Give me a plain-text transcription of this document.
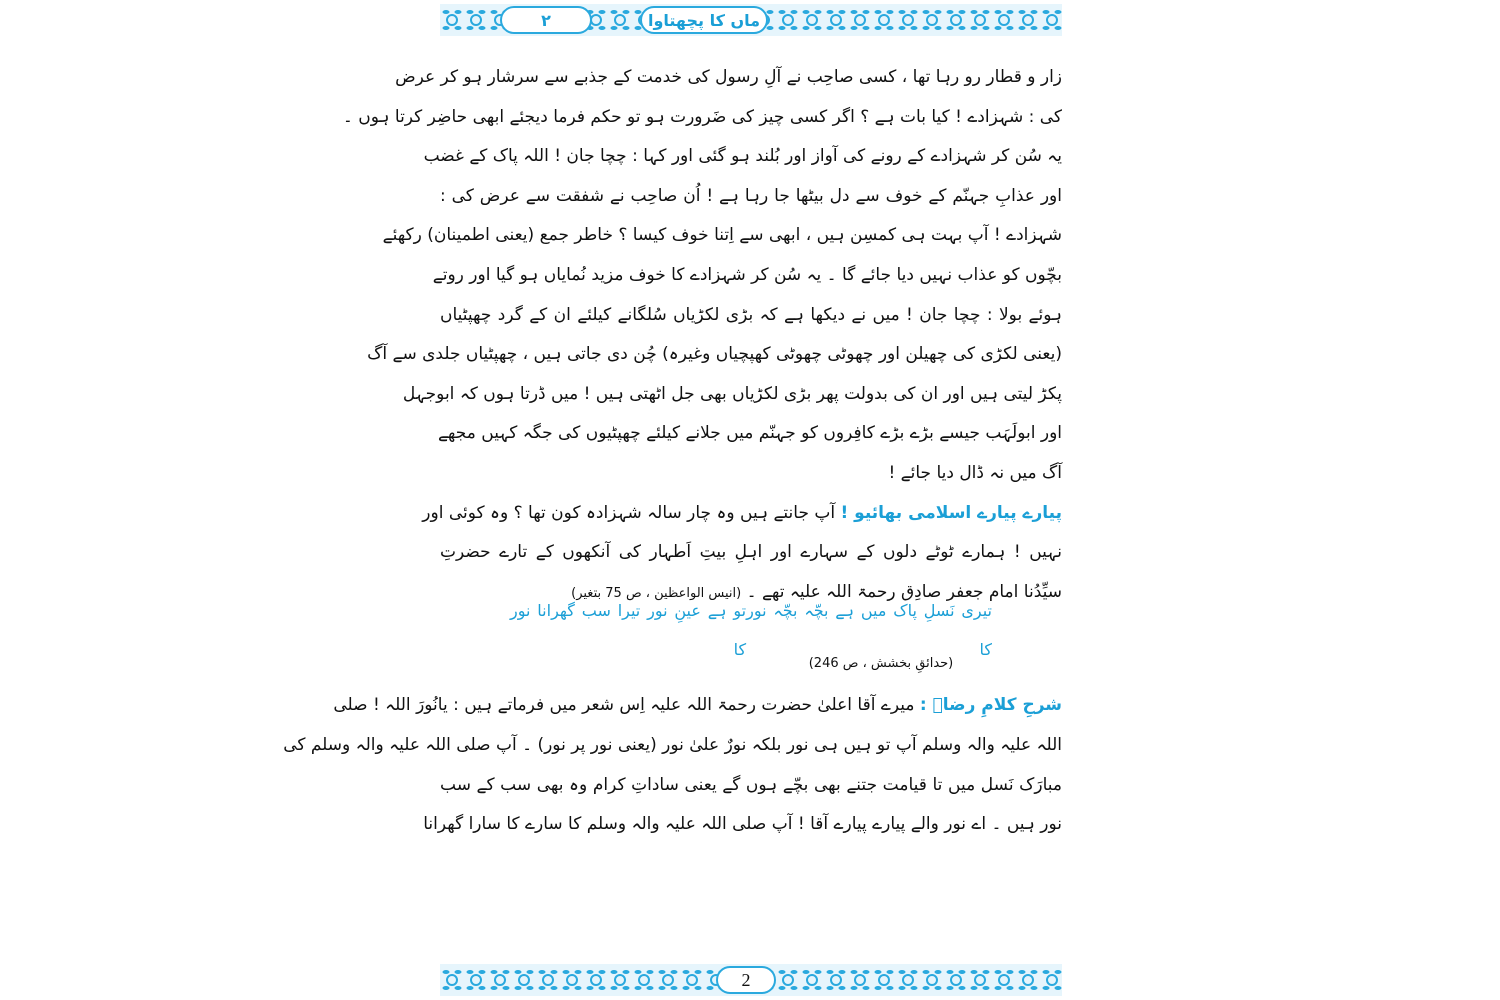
۲	ماں کا پچھتاوا
زار و قطار رو رہا تھا ، کسی صاحِب نے آلِ رسول کی خدمت کے جذبے سے سرشار ہو کر عرض
کی : شہزادے ! کیا بات ہے ؟ اگر کسی چیز کی ضَرورت ہو تو حکم فرما دیجئے ابھی حاضِر کرتا ہوں ۔
یہ سُن کر شہزادے کے رونے کی آواز اور بُلند ہو گئی اور کہا : چچا جان ! اللہ پاک کے غضب
اور عذابِ جہنّم کے خوف سے دل بیٹھا جا رہا ہے ! اُن صاحِب نے شفقت سے عرض کی :
شہزادے ! آپ بہت ہی کمسِن ہیں ، ابھی سے اِتنا خوف کیسا ؟ خاطر جمع (یعنی اطمینان) رکھئے
بچّوں کو عذاب نہیں دیا جائے گا ۔ یہ سُن کر شہزادے کا خوف مزید نُمایاں ہو گیا اور روتے
ہوئے بولا : چچا جان ! میں نے دیکھا ہے کہ بڑی لکڑیاں سُلگانے کیلئے ان کے گرد چھپٹیاں
(یعنی لکڑی کی چھیلن اور چھوٹی چھوٹی کھپچیاں وغیرہ) چُن دی جاتی ہیں ، چھپٹیاں جلدی سے آگ
پکڑ لیتی ہیں اور ان کی بدولت پھر بڑی لکڑیاں بھی جل اٹھتی ہیں ! میں ڈرتا ہوں کہ ابوجہل
اور ابولَہَب جیسے بڑے بڑے کافِروں کو جہنّم میں جلانے کیلئے چھپٹیوں کی جگہ کہیں مجھے
آگ میں نہ ڈال دیا جائے !
پیارے پیارے اسلامی بھائیو ! آپ جانتے ہیں وہ چار سالہ شہزادہ کون تھا ؟ وہ کوئی اور
نہیں ! ہمارے ٹوٹے دلوں کے سہارے اور اہلِ بیتِ اَطہار کی آنکھوں کے تارے حضرتِ
سیِّدُنا امام جعفر صادِق رحمۃ اللہ علیہ تھے ۔ (انیس الواعظین ، ص 75 بتغیر)
تیری نَسلِ پاک میں ہے بچّہ بچّہ نور کا
تو ہے عینِ نور تیرا سب گھرانا نور کا
(حدائقِ بخشش ، ص 246)
شرحِ کلامِ رضاؔ : میرے آقا اعلیٰ حضرت رحمۃ اللہ علیہ اِس شعر میں فرماتے ہیں : یانُورَ اللہ ! صلی
اللہ علیہ والہ وسلم آپ تو ہیں ہی نور بلکہ نورٌ علیٰ نور (یعنی نور پر نور) ۔ آپ صلی اللہ علیہ والہ وسلم کی
مبارَک نَسل میں تا قیامت جتنے بھی بچّے ہوں گے یعنی ساداتِ کرام وہ بھی سب کے سب
نور ہیں ۔ اے نور والے پیارے پیارے آقا ! آپ صلی اللہ علیہ والہ وسلم کا سارے کا سارا گھرانا
2
